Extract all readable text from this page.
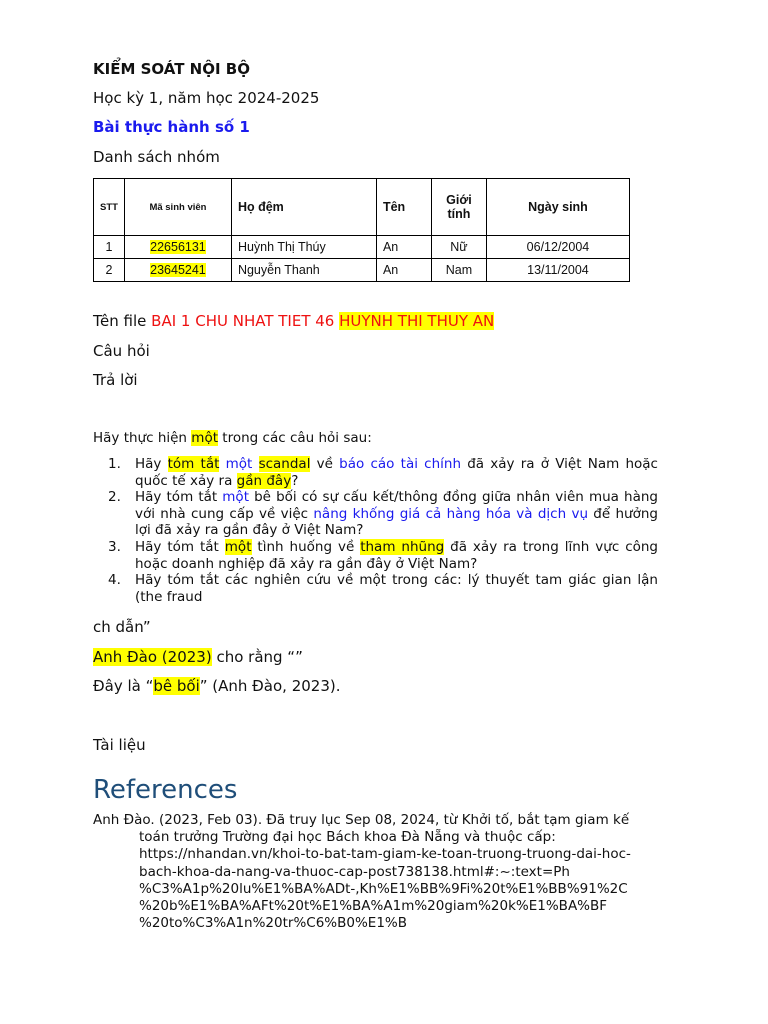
KIỂM SOÁT NỘI BỘ
Học kỳ 1, năm học 2024-2025
Bài thực hành số 1
Danh sách nhóm
STT	Mã sinh viên	Họ đệm	Tên	Giới tính	Ngày sinh
1	22656131	Huỳnh Thị Thúy	An	Nữ	06/12/2004
2	23645241	Nguyễn Thanh	An	Nam	13/11/2004
Tên file BAI 1 CHU NHAT TIET 46 HUYNH THI THUY AN
Câu hỏi
Trả lời
Hãy thực hiện một trong các câu hỏi sau:
1. Hãy tóm tắt một scandal về báo cáo tài chính đã xảy ra ở Việt Nam hoặc quốc tế xảy ra gần đây?
2. Hãy tóm tắt một bê bối có sự cấu kết/thông đồng giữa nhân viên mua hàng với nhà cung cấp về việc nâng khống giá cả hàng hóa và dịch vụ để hưởng lợi đã xảy ra gần đây ở Việt Nam?
3. Hãy tóm tắt một tình huống về tham nhũng đã xảy ra trong lĩnh vực công hoặc doanh nghiệp đã xảy ra gần đây ở Việt Nam?
4. Hãy tóm tắt các nghiên cứu về một trong các: lý thuyết tam giác gian lận (the fraud
ch dẫn”
Anh Đào (2023) cho rằng “”
Đây là “bê bối” (Anh Đào, 2023).
Tài liệu
References
Anh Đào. (2023, Feb 03). Đã truy lục Sep 08, 2024, từ Khởi tố, bắt tạm giam kế
toán trưởng Trường đại học Bách khoa Đà Nẵng và thuộc cấp:
https://nhandan.vn/khoi-to-bat-tam-giam-ke-toan-truong-truong-dai-hoc-
bach-khoa-da-nang-va-thuoc-cap-post738138.html#:~:text=Ph
%C3%A1p%20lu%E1%BA%ADt-,Kh%E1%BB%9Fi%20t%E1%BB%91%2C
%20b%E1%BA%AFt%20t%E1%BA%A1m%20giam%20k%E1%BA%BF
%20to%C3%A1n%20tr%C6%B0%E1%B
